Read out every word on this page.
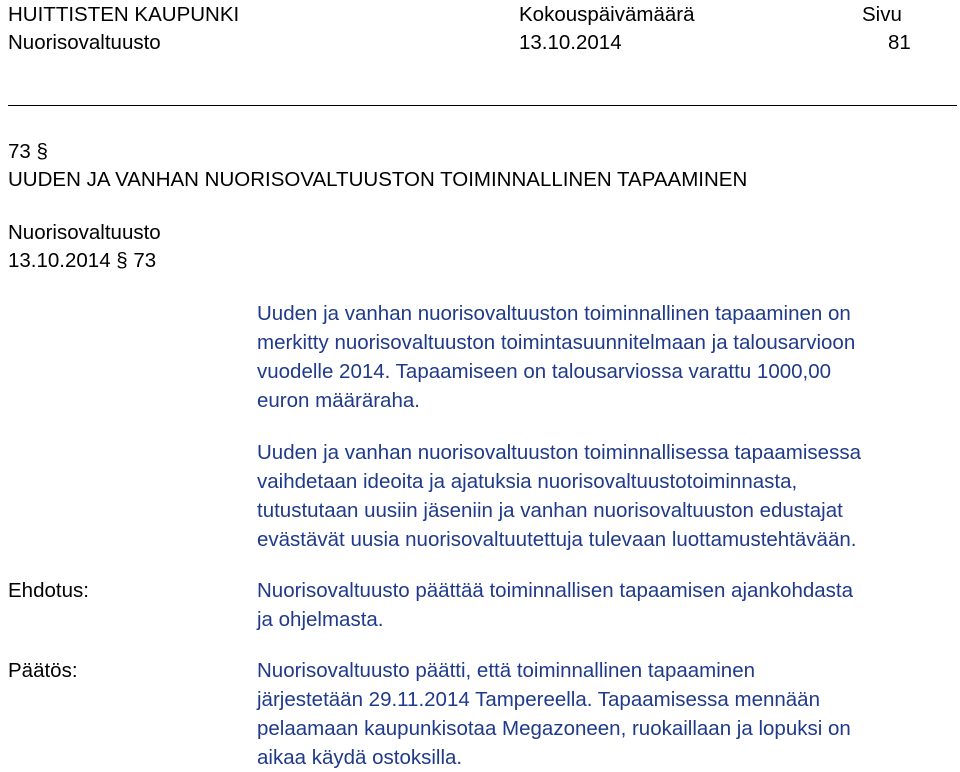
HUITTISTEN KAUPUNKI
Nuorisovaltuusto
Kokouspäivämäärä
13.10.2014
Sivu
81
73 §
UUDEN JA VANHAN NUORISOVALTUUSTON TOIMINNALLINEN TAPAAMINEN
Nuorisovaltuusto
13.10.2014 § 73
Uuden ja vanhan nuorisovaltuuston toiminnallinen tapaaminen on
merkitty nuorisovaltuuston toimintasuunnitelmaan ja talousarvioon
vuodelle 2014. Tapaamiseen on talousarviossa varattu 1000,00
euron määräraha.
Uuden ja vanhan nuorisovaltuuston toiminnallisessa tapaamisessa
vaihdetaan ideoita ja ajatuksia nuorisovaltuustotoiminnasta,
tutustutaan uusiin jäseniin ja vanhan nuorisovaltuuston edustajat
evästävät uusia nuorisovaltuutettuja tulevaan luottamustehtävään.
Ehdotus:	Nuorisovaltuusto päättää toiminnallisen tapaamisen ajankohdasta
ja ohjelmasta.
Päätös:	Nuorisovaltuusto päätti, että toiminnallinen tapaaminen
järjestetään 29.11.2014 Tampereella. Tapaamisessa mennään
pelaamaan kaupunkisotaa Megazoneen, ruokaillaan ja lopuksi on
aikaa käydä ostoksilla.
